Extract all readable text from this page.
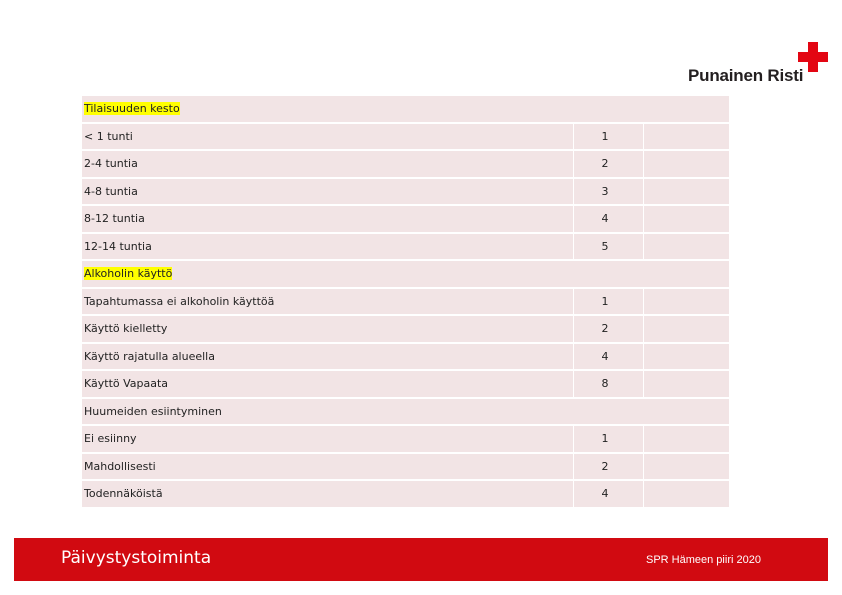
Punainen Risti
Tilaisuuden kesto		
< 1 tunti	1	
2-4 tuntia	2	
4-8 tuntia	3	
8-12 tuntia	4	
12-14 tuntia	5	
Alkoholin käyttö		
Tapahtumassa ei alkoholin käyttöä	1	
Käyttö kielletty	2	
Käyttö rajatulla alueella	4	
Käyttö Vapaata	8	
Huumeiden esiintyminen		
Ei esiinny	1	
Mahdollisesti	2	
Todennäköistä	4	
Päivystystoiminta	SPR Hämeen piiri 2020
